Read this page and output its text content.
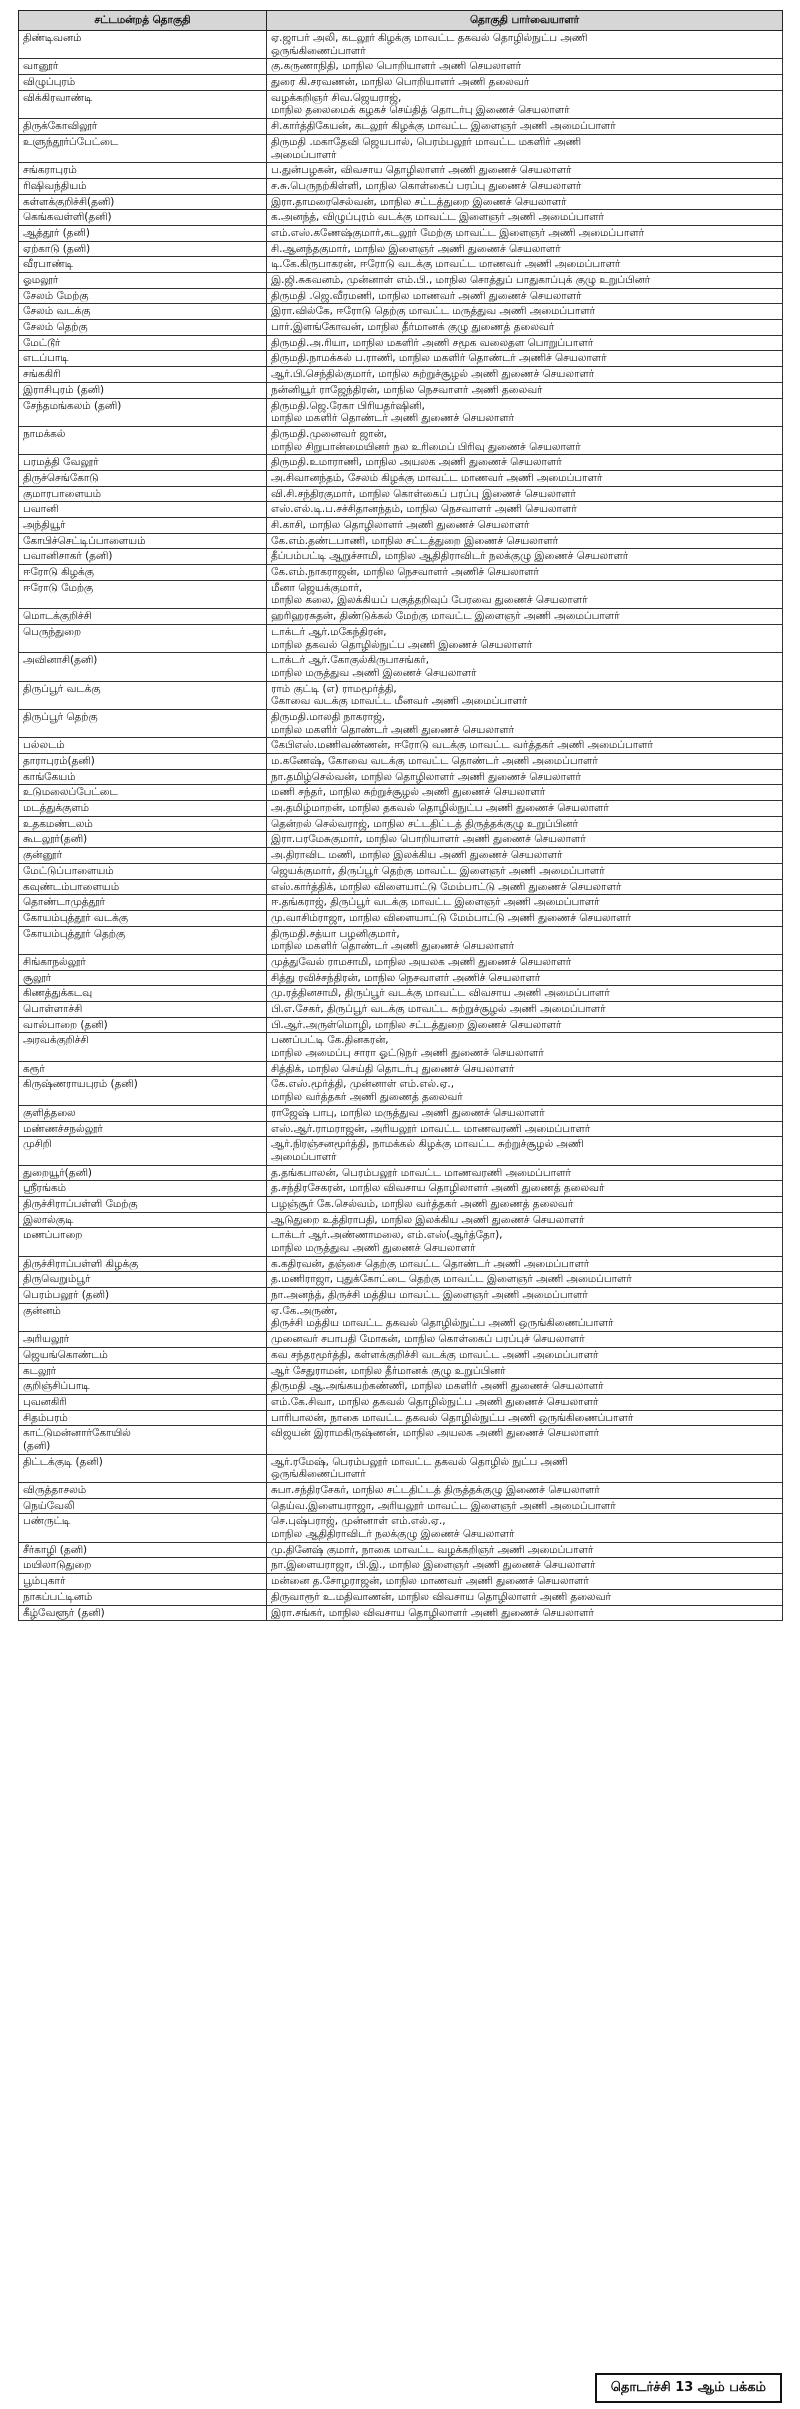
சட்டமன்றத் தொகுதி	தொகுதி பார்வையாளர்
திண்டிவனம்	ஏ.ஜாபர் அலி, கடலூர் கிழக்கு மாவட்ட தகவல் தொழில்நுட்ப அணி
ஒருங்கிணைப்பாளர்
வானூர்	கு.கருணாநிதி, மாநில பொறியாளர் அணி செயலாளர்
விழுப்புரம்	துரை கி.சரவணன், மாநில பொறியாளர் அணி தலைவர்
விக்கிரவாண்டி	வழக்கறிஞர் சிவ.ஜெயராஜ்,
மாநில தலைமைக் கழகச் செய்தித் தொடர்பு இணைச் செயலாளர்
திருக்கோவிலூர்	சி.கார்த்திகேயன், கடலூர் கிழக்கு மாவட்ட இளைஞர் அணி அமைப்பாளர்
உளுந்தூர்ப்பேட்டை	திருமதி .மகாதேவி ஜெயபால், பெரம்பலூர் மாவட்ட மகளிர் அணி
அமைப்பாளர்
சங்கராபுரம்	ப.துன்பழகன், விவசாய தொழிலாளர் அணி துணைச் செயலாளர்
ரிஷிவந்தியம்	ச.சு.பெருநற்கிள்ளி, மாநில கொள்கைப் பரப்பு துணைச் செயலாளர்
கள்ளக்குறிச்சி(தனி)	இரா.தாமரைசெல்வன், மாநில சட்டத்துறை இணைச் செயலாளர்
கெங்கவள்ளி(தனி)	க.அனந்த், விழுப்புரம் வடக்கு மாவட்ட இளைஞர் அணி அமைப்பாளர்
ஆத்தூர் (தனி)	எம்.எஸ்.கணேஷ்குமார்,கடலூர் மேற்கு மாவட்ட இளைஞர் அணி அமைப்பாளர்
ஏற்காடு (தனி)	சி.ஆனந்தகுமார், மாநில இளைஞர் அணி துணைச் செயலாளர்
வீரபாண்டி	டி.கே.கிருபாகரன், ஈரோடு வடக்கு மாவட்ட மாணவர் அணி அமைப்பாளர்
ஓமலூர்	இ.ஜி.சுகவனம், முன்னாள் எம்.பி., மாநில சொத்துப் பாதுகாப்புக் குழு உறுப்பினர்
சேலம் மேற்கு	திருமதி .ஜெ.வீரமணி, மாநில மாணவர் அணி துணைச் செயலாளர்
சேலம் வடக்கு	இரா.வில்கே, ஈரோடு தெற்கு மாவட்ட மருத்துவ அணி அமைப்பாளர்
சேலம் தெற்கு	பார்.இளங்கோவன், மாநில தீர்மானக் குழு துணைத் தலைவர்
மேட்டூர்	திருமதி.அ.ரியா, மாநில மகளிர் அணி சமூக வலைதள பொறுப்பாளர்
எடப்பாடி	திருமதி.நாமக்கல் ப.ராணி, மாநில மகளிர் தொண்டர் அணிச் செயலாளர்
சங்ககிரி	ஆர்.பி.செந்தில்குமார், மாநில சுற்றுச்சூழல் அணி துணைச் செயலாளர்
இராசிபுரம் (தனி)	நன்னியூர் ராஜேந்திரன், மாநில நெசவாளர் அணி தலைவர்
சேந்தமங்கலம் (தனி)	திருமதி.ஜெ.ரேகா பிரியதர்ஷினி,
மாநில மகளிர் தொண்டர் அணி துணைச் செயலாளர்
நாமக்கல்	திருமதி.முனைவர் ஜான்,
மாநில சிறுபான்மையினர் நல உரிமைப் பிரிவு துணைச் செயலாளர்
பரமத்தி வேலூர்	திருமதி.உமாராணி, மாநில அயலக அணி துணைச் செயலாளர்
திருச்செங்கோடு	அ.சிவானந்தம், சேலம் கிழக்கு மாவட்ட மாணவர் அணி அமைப்பாளர்
குமாரபாளையம்	வி.சி.சந்திரகுமார், மாநில கொள்கைப் பரப்பு இணைச் செயலாளர்
பவானி	எஸ்.எல்.டி.ப.சச்சிதானந்தம், மாநில நெசவாளர் அணி செயலாளர்
அந்தியூர்	சி.காசி, மாநில தொழிலாளர் அணி துணைச் செயலாளர்
கோபிச்செட்டிப்பாளையம்	கே.எம்.தண்டபாணி, மாநில சட்டத்துறை இணைச் செயலாளர்
பவானிசாகர் (தனி)	தீப்பம்பட்டி ஆறுச்சாமி, மாநில ஆதிதிராவிடர் நலக்குழு இணைச் செயலாளர்
ஈரோடு கிழக்கு	கே.எம்.நாகராஜன், மாநில நெசவாளர் அணிச் செயலாளர்
ஈரோடு மேற்கு	மீனா ஜெயக்குமார்,
மாநில கலை, இலக்கியப் பகுத்தறிவுப் பேரவை துணைச் செயலாளர்
மொடக்குறிச்சி	ஹரிஹரசுதன், திண்டுக்கல் மேற்கு மாவட்ட இளைஞர் அணி அமைப்பாளர்
பெருந்துறை	டாக்டர் ஆர்.மகேந்திரன்,
மாநில தகவல் தொழில்நுட்ப அணி இணைச் செயலாளர்
அவினாசி(தனி)	டாக்டர் ஆர்.கோகுல்கிருபாசங்கர்,
மாநில மருத்துவ அணி இணைச் செயலாளர்
திருப்பூர் வடக்கு	ராம் குட்டி (எ) ராமமூர்த்தி,
கோவை வடக்கு மாவட்ட மீனவர் அணி அமைப்பாளர்
திருப்பூர் தெற்கு	திருமதி.மாலதி நாகராஜ்,
மாநில மகளிர் தொண்டர் அணி துணைச் செயலாளர்
பல்லடம்	கேபிஎஸ்.மணிவண்ணன், ஈரோடு வடக்கு மாவட்ட வர்த்தகர் அணி அமைப்பாளர்
தாராபுரம்(தனி)	ம.கணேஷ், கோவை வடக்கு மாவட்ட தொண்டர் அணி அமைப்பாளர்
காங்கேயம்	நா.தமிழ்செல்வன், மாநில தொழிலாளர் அணி துணைச் செயலாளர்
உடுமலைப்பேட்டை	மணி சந்தர், மாநில சுற்றுச்சூழல் அணி துணைச் செயலாளர்
மடத்துக்குளம்	அ.தமிழ்மாறன், மாநில தகவல் தொழில்நுட்ப அணி துணைச் செயலாளர்
உதகமண்டலம்	தென்றல் செல்வராஜ், மாநில சட்டதிட்டத் திருத்தக்குழு உறுப்பினர்
கூடலூர்(தனி)	இரா.பரமேசுகுமார், மாநில பொறியாளர் அணி துணைச் செயலாளர்
குன்னூர்	அ.திராவிட மணி, மாநில இலக்கிய அணி துணைச் செயலாளர்
மேட்டுப்பாளையம்	ஜெயக்குமார், திருப்பூர் தெற்கு மாவட்ட இளைஞர் அணி அமைப்பாளர்
கவுண்டம்பாளையம்	எஸ்.கார்த்திக், மாநில விளையாட்டு மேம்பாட்டு அணி துணைச் செயலாளர்
தொண்டாமுத்தூர்	ஈ.தங்கராஜ், திருப்பூர் வடக்கு மாவட்ட இளைஞர் அணி அமைப்பாளர்
கோயம்புத்தூர் வடக்கு	மு.வாசிம்ராஜா, மாநில விளையாட்டு மேம்பாட்டு அணி துணைச் செயலாளர்
கோயம்புத்தூர் தெற்கு	திருமதி.சத்யா பழனிகுமார்,
மாநில மகளிர் தொண்டர் அணி துணைச் செயலாளர்
சிங்காநல்லூர்	முத்துவேல் ராமசாமி, மாநில அயலக அணி துணைச் செயலாளர்
சூலூர்	சித்து ரவிச்சந்திரன், மாநில நெசவாளர் அணிச் செயலாளர்
கிணத்துக்கடவு	மு.ரத்தினசாமி, திருப்பூர் வடக்கு மாவட்ட விவசாய அணி அமைப்பாளர்
பொள்ளாச்சி	பி.எ.சேகர், திருப்பூர் வடக்கு மாவட்ட சுற்றுச்சூழல் அணி அமைப்பாளர்
வால்பாறை (தனி)	பி.ஆர்.அருள்மொழி, மாநில சட்டத்துறை இணைச் செயலாளர்
அரவக்குறிச்சி	பணப்பட்டி கே.தினகரன்,
மாநில அமைப்பு சாரா ஓட்டுநர் அணி துணைச் செயலாளர்
கரூர்	சித்திக், மாநில செய்தி தொடர்பு துணைச் செயலாளர்
கிருஷ்ணராயபுரம் (தனி)	கே.எஸ்.மூர்த்தி, முன்னாள் எம்.எல்.ஏ.,
மாநில வர்த்தகர் அணி துணைத் தலைவர்
குளித்தலை	ராஜேஷ் பாபு, மாநில மருத்துவ அணி துணைச் செயலாளர்
மண்ணச்சநல்லூர்	எஸ்.ஆர்.ராமராஜன், அரியலூர் மாவட்ட மாணவரணி அமைப்பாளர்
முசிறி	ஆர்.நிரஞ்சனமூர்த்தி, நாமக்கல் கிழக்கு மாவட்ட சுற்றுச்சூழல் அணி
அமைப்பாளர்
துறையூர்(தனி)	த.தங்கபாலன், பெரம்பலூர் மாவட்ட மாணவரணி அமைப்பாளர்
ஸ்ரீரங்கம்	த.சந்திரசேகரன், மாநில விவசாய தொழிலாளர் அணி துணைத் தலைவர்
திருச்சிராப்பள்ளி மேற்கு	பழஞ்சூர் கே.செல்வம், மாநில வர்த்தகர் அணி துணைத் தலைவர்
இலால்குடி	ஆடுதுறை உத்திராபதி, மாநில இலக்கிய அணி துணைச் செயலாளர்
மணப்பாறை	டாக்டர் ஆர்.அண்ணாமலை, எம்.எஸ்(ஆர்த்தோ),
மாநில மருத்துவ அணி துணைச் செயலாளர்
திருச்சிராப்பள்ளி கிழக்கு	க.கதிரவன், தஞ்சை தெற்கு மாவட்ட தொண்டர் அணி அமைப்பாளர்
திருவெறும்பூர்	த.மணிராஜா, புதுக்கோட்டை தெற்கு மாவட்ட இளைஞர் அணி அமைப்பாளர்
பெரம்பலூர் (தனி)	நா.அனந்த், திருச்சி மத்திய மாவட்ட இளைஞர் அணி அமைப்பாளர்
குன்னம்	ஏ.கே.அருண்,
திருச்சி மத்திய மாவட்ட தகவல் தொழில்நுட்ப அணி ஒருங்கிணைப்பாளர்
அரியலூர்	முனைவர் சபாபதி மோகன், மாநில கொள்கைப் பரப்புச் செயலாளர்
ஜெயங்கொண்டம்	கவ சந்தரமூர்த்தி, கள்ளக்குறிச்சி வடக்கு மாவட்ட அணி அமைப்பாளர்
கடலூர்	ஆர் சேதுராமன், மாநில தீர்மானக் குழு உறுப்பினர்
குறிஞ்சிப்பாடி	திருமதி ஆ.அங்கயற்கண்ணி, மாநில மகளிர் அணி துணைச் செயலாளர்
புவனகிரி	எம்.கே.சிவா, மாநில தகவல் தொழில்நுட்ப அணி துணைச் செயலாளர்
சிதம்பரம்	பாரிபாலன், நாகை மாவட்ட தகவல் தொழில்நுட்ப அணி ஒருங்கிணைப்பாளர்
காட்டுமன்னார்கோயில்
(தனி)	விஜயன் இராமகிருஷ்ணன், மாநில அயலக அணி துணைச் செயலாளர்
திட்டக்குடி (தனி)	ஆர்.ரமேஷ், பெரம்பலூர் மாவட்ட தகவல் தொழில் நுட்ப அணி
ஒருங்கிணைப்பாளர்
விருத்தாசலம்	சுபா.சந்திரசேகர், மாநில சட்டதிட்டத் திருத்தக்குழு இணைச் செயலாளர்
நெய்வேலி	தெய்வ.இளையராஜா, அரியலூர் மாவட்ட இளைஞர் அணி அமைப்பாளர்
பண்ருட்டி	செ.புஷ்பராஜ், முன்னாள் எம்.எல்.ஏ.,
மாநில ஆதிதிராவிடர் நலக்குழு இணைச் செயலாளர்
சீர்காழி (தனி)	மு.தினேஷ் குமார், நாகை மாவட்ட வழக்கறிஞர் அணி அமைப்பாளர்
மயிலாடுதுறை	நா.இளையராஜா, பி.இ., மாநில இளைஞர் அணி துணைச் செயலாளர்
பூம்புகார்	மன்னை த.சோழராஜன், மாநில மாணவர் அணி துணைச் செயலாளர்
நாகப்பட்டினம்	திருவாரூர் உ.மதிவாணன், மாநில விவசாய தொழிலாளர் அணி தலைவர்
கீழ்வேளூர் (தனி)	இரா.சங்கர், மாநில விவசாய தொழிலாளர் அணி துணைச் செயலாளர்
தொடர்ச்சி 13 ஆம் பக்கம்
